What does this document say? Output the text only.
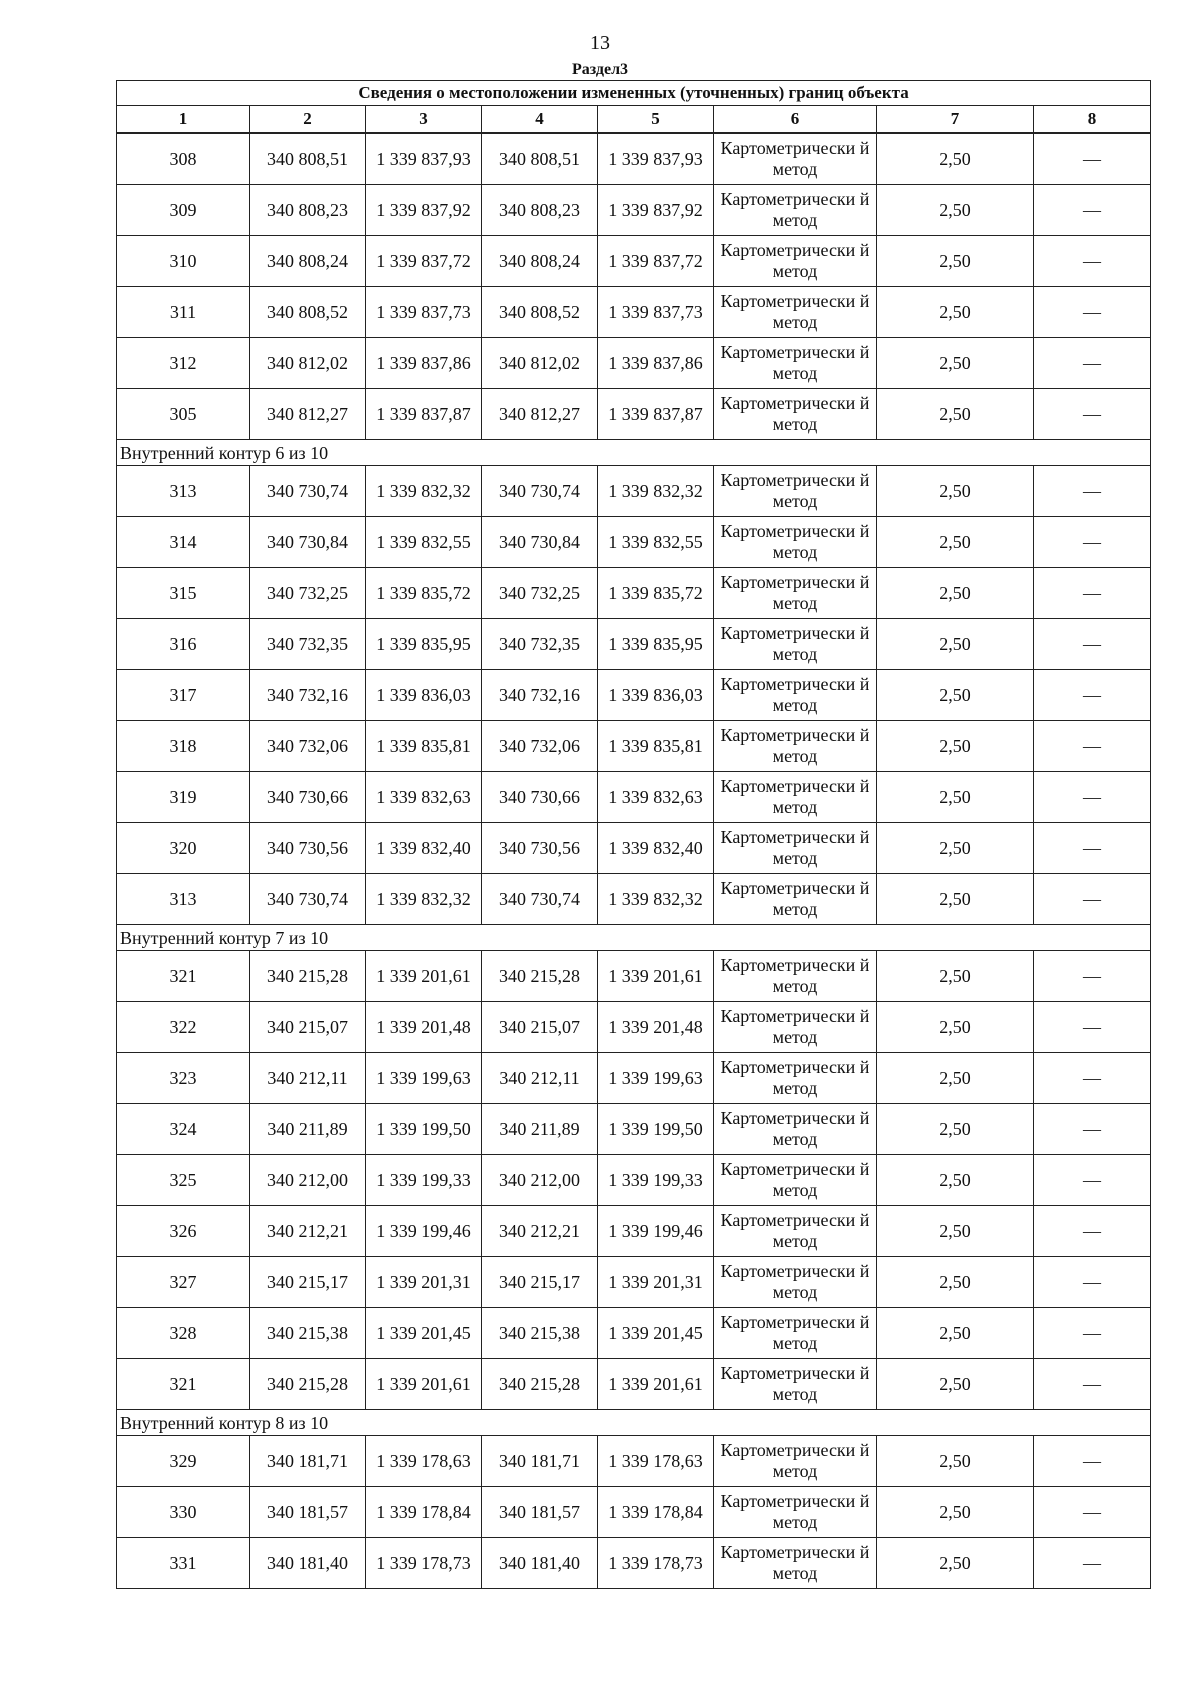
13
Раздел3
Сведения о местоположении измененных (уточненных) границ объекта							
1	2	3	4	5	6	7	8
308	340 808,51	1 339 837,93	340 808,51	1 339 837,93	Картометрически й метод	2,50	—
309	340 808,23	1 339 837,92	340 808,23	1 339 837,92	Картометрически й метод	2,50	—
310	340 808,24	1 339 837,72	340 808,24	1 339 837,72	Картометрически й метод	2,50	—
311	340 808,52	1 339 837,73	340 808,52	1 339 837,73	Картометрически й метод	2,50	—
312	340 812,02	1 339 837,86	340 812,02	1 339 837,86	Картометрически й метод	2,50	—
305	340 812,27	1 339 837,87	340 812,27	1 339 837,87	Картометрически й метод	2,50	—
Внутренний контур 6 из 10							
313	340 730,74	1 339 832,32	340 730,74	1 339 832,32	Картометрически й метод	2,50	—
314	340 730,84	1 339 832,55	340 730,84	1 339 832,55	Картометрически й метод	2,50	—
315	340 732,25	1 339 835,72	340 732,25	1 339 835,72	Картометрически й метод	2,50	—
316	340 732,35	1 339 835,95	340 732,35	1 339 835,95	Картометрически й метод	2,50	—
317	340 732,16	1 339 836,03	340 732,16	1 339 836,03	Картометрически й метод	2,50	—
318	340 732,06	1 339 835,81	340 732,06	1 339 835,81	Картометрически й метод	2,50	—
319	340 730,66	1 339 832,63	340 730,66	1 339 832,63	Картометрически й метод	2,50	—
320	340 730,56	1 339 832,40	340 730,56	1 339 832,40	Картометрически й метод	2,50	—
313	340 730,74	1 339 832,32	340 730,74	1 339 832,32	Картометрически й метод	2,50	—
Внутренний контур 7 из 10							
321	340 215,28	1 339 201,61	340 215,28	1 339 201,61	Картометрически й метод	2,50	—
322	340 215,07	1 339 201,48	340 215,07	1 339 201,48	Картометрически й метод	2,50	—
323	340 212,11	1 339 199,63	340 212,11	1 339 199,63	Картометрически й метод	2,50	—
324	340 211,89	1 339 199,50	340 211,89	1 339 199,50	Картометрически й метод	2,50	—
325	340 212,00	1 339 199,33	340 212,00	1 339 199,33	Картометрически й метод	2,50	—
326	340 212,21	1 339 199,46	340 212,21	1 339 199,46	Картометрически й метод	2,50	—
327	340 215,17	1 339 201,31	340 215,17	1 339 201,31	Картометрически й метод	2,50	—
328	340 215,38	1 339 201,45	340 215,38	1 339 201,45	Картометрически й метод	2,50	—
321	340 215,28	1 339 201,61	340 215,28	1 339 201,61	Картометрически й метод	2,50	—
Внутренний контур 8 из 10							
329	340 181,71	1 339 178,63	340 181,71	1 339 178,63	Картометрически й метод	2,50	—
330	340 181,57	1 339 178,84	340 181,57	1 339 178,84	Картометрически й метод	2,50	—
331	340 181,40	1 339 178,73	340 181,40	1 339 178,73	Картометрически й метод	2,50	—
